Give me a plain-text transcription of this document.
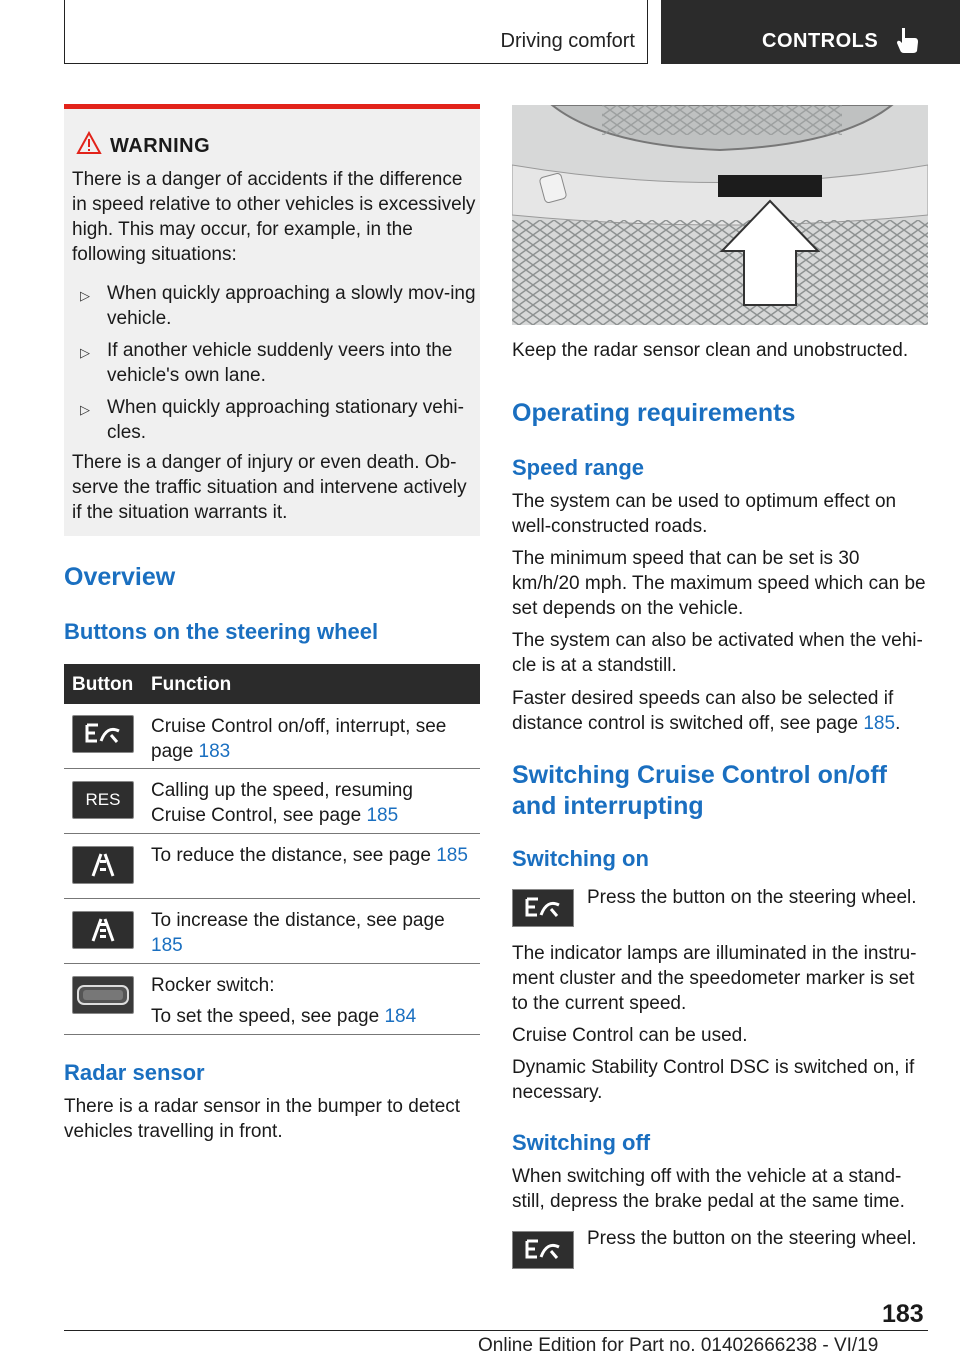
Driving comfort	CONTROLS
WARNING
There is a danger of accidents if the difference in speed relative to other vehicles is excessively high. This may occur, for example, in the following situations:
▷ When quickly approaching a slowly mov-ing vehicle.
▷ If another vehicle suddenly veers into the vehicle's own lane.
▷ When quickly approaching stationary vehi-cles.
There is a danger of injury or even death. Ob-serve the traffic situation and intervene actively if the situation warrants it.
Overview
Buttons on the steering wheel
Button Function
Cruise Control on/off, interrupt, see page 183
RES	Calling up the speed, resuming Cruise Control, see page 185
To reduce the distance, see page 185
To increase the distance, see page 185
Rocker switch:
To set the speed, see page 184
Radar sensor
There is a radar sensor in the bumper to detect vehicles travelling in front.
Keep the radar sensor clean and unobstructed.
Operating requirements
Speed range
The system can be used to optimum effect on well-constructed roads.
The minimum speed that can be set is 30 km/h/20 mph. The maximum speed which can be set depends on the vehicle.
The system can also be activated when the vehi-cle is at a standstill.
Faster desired speeds can also be selected if distance control is switched off, see page 185.
Switching Cruise Control on/off and interrupting
Switching on
Press the button on the steering wheel.
The indicator lamps are illuminated in the instru-ment cluster and the speedometer marker is set to the current speed.
Cruise Control can be used.
Dynamic Stability Control DSC is switched on, if necessary.
Switching off
When switching off with the vehicle at a stand-still, depress the brake pedal at the same time.
Press the button on the steering wheel.
183
Online Edition for Part no. 01402666238 - VI/19
